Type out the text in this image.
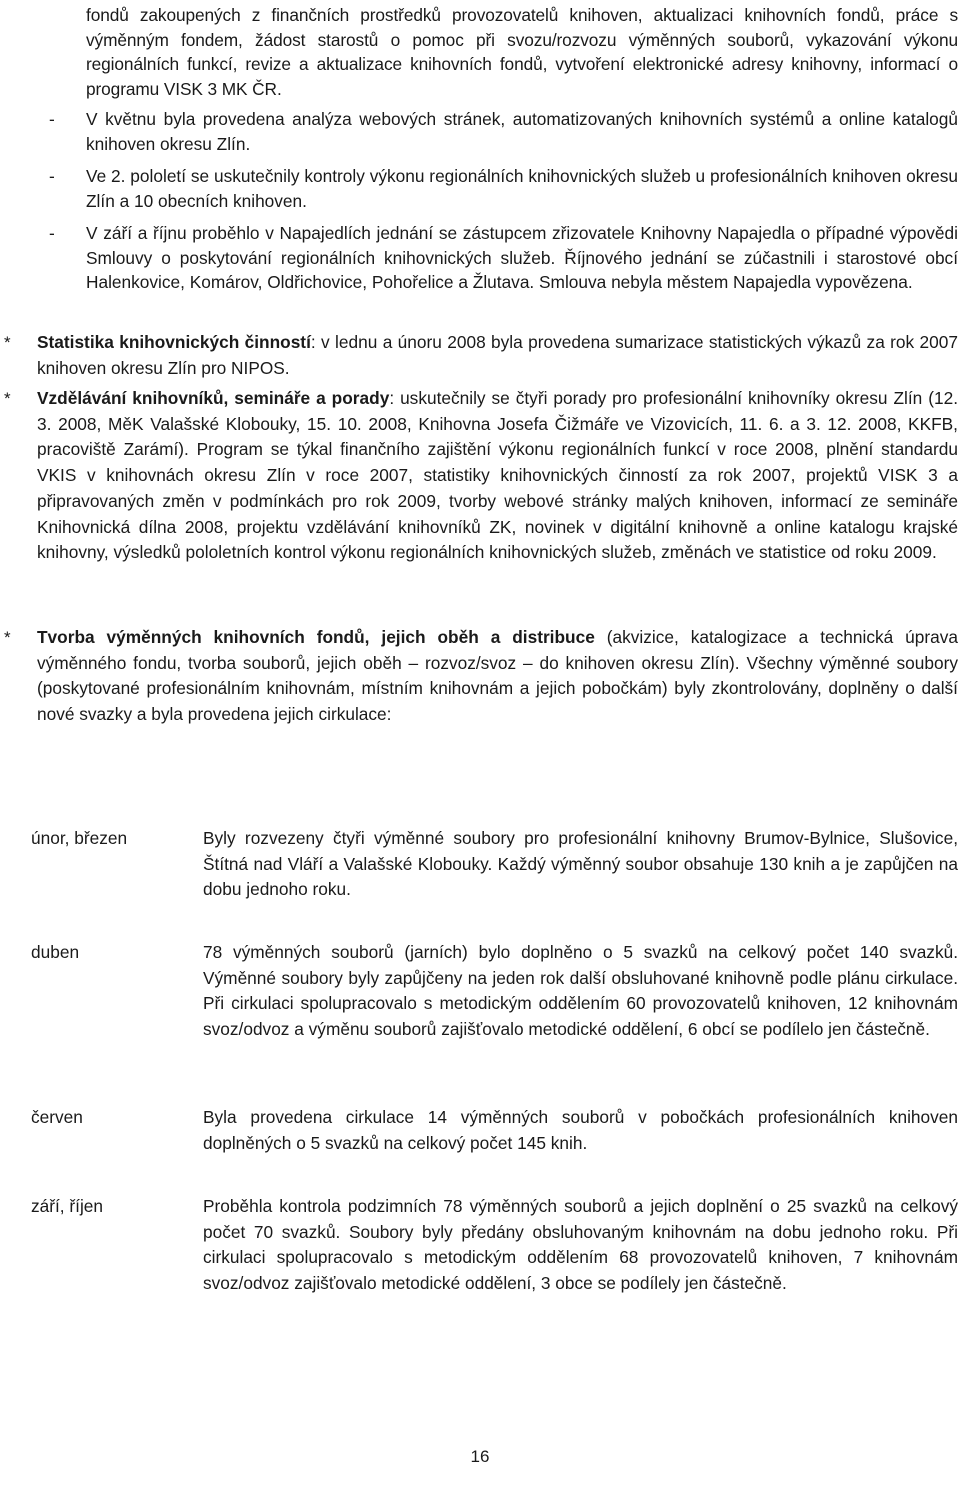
fondů zakoupených z finančních prostředků provozovatelů knihoven, aktualizaci knihovních fondů, práce s výměnným fondem, žádost starostů o pomoc při svozu/rozvozu výměnných souborů, vykazování výkonu regionálních funkcí, revize a aktualizace knihovních fondů, vytvoření elektronické adresy knihovny, informací o programu VISK 3 MK ČR.

-	V květnu byla provedena analýza webových stránek, automatizovaných knihovních systémů a online katalogů knihoven okresu Zlín.

-	Ve 2. pololetí se uskutečnily kontroly výkonu regionálních knihovnických služeb u profesionálních knihoven okresu Zlín a 10 obecních knihoven.

-	V září a říjnu proběhlo v Napajedlích jednání se zástupcem zřizovatele Knihovny Napajedla o případné výpovědi Smlouvy o poskytování regionálních knihovnických služeb. Říjnového jednání se zúčastnili i starostové obcí Halenkovice, Komárov, Oldřichovice, Pohořelice a Žlutava. Smlouva nebyla městem Napajedla vypovězena.

* Statistika knihovnických činností: v lednu a únoru 2008 byla provedena sumarizace statistických výkazů za rok 2007 knihoven okresu Zlín pro NIPOS.

* Vzdělávání knihovníků, semináře a porady: uskutečnily se čtyři porady pro profesionální knihovníky okresu Zlín (12. 3. 2008, MěK Valašské Klobouky, 15. 10. 2008, Knihovna Josefa Čižmáře ve Vizovicích, 11. 6. a 3. 12. 2008, KKFB, pracoviště Zarámí). Program se týkal finančního zajištění výkonu regionálních funkcí v roce 2008, plnění standardu VKIS v knihovnách okresu Zlín v roce 2007, statistiky knihovnických činností za rok 2007, projektů VISK 3 a připravovaných změn v podmínkách pro rok 2009, tvorby webové stránky malých knihoven, informací ze semináře Knihovnická dílna 2008, projektu vzdělávání knihovníků ZK, novinek v digitální knihovně a online katalogu krajské knihovny, výsledků pololetních kontrol výkonu regionálních knihovnických služeb, změnách ve statistice od roku 2009.

* Tvorba výměnných knihovních fondů, jejich oběh a distribuce (akvizice, katalogizace a technická úprava výměnného fondu, tvorba souborů, jejich oběh – rozvoz/svoz – do knihoven okresu Zlín). Všechny výměnné soubory (poskytované profesionálním knihovnám, místním knihovnám a jejich pobočkám) byly zkontrolovány, doplněny o další nové svazky a byla provedena jejich cirkulace:

únor, březen	Byly rozvezeny čtyři výměnné soubory pro profesionální knihovny Brumov-Bylnice, Slušovice, Štítná nad Vláří a Valašské Klobouky. Každý výměnný soubor obsahuje 130 knih a je zapůjčen na dobu jednoho roku.

duben	78 výměnných souborů (jarních) bylo doplněno o 5 svazků na celkový počet 140 svazků. Výměnné soubory byly zapůjčeny na jeden rok další obsluhované knihovně podle plánu cirkulace. Při cirkulaci spolupracovalo s metodickým oddělením 60 provozovatelů knihoven, 12 knihovnám svoz/odvoz a výměnu souborů zajišťovalo metodické oddělení, 6 obcí se podílelo jen částečně.

červen	Byla provedena cirkulace 14 výměnných souborů v pobočkách profesionálních knihoven doplněných o 5 svazků na celkový počet 145 knih.

září, říjen	Proběhla kontrola podzimních 78 výměnných souborů a jejich doplnění o 25 svazků na celkový počet 70 svazků. Soubory byly předány obsluhovaným knihovnám na dobu jednoho roku. Při cirkulaci spolupracovalo s metodickým oddělením 68 provozovatelů knihoven, 7 knihovnám svoz/odvoz zajišťovalo metodické oddělení, 3 obce se podílely jen částečně.

16
